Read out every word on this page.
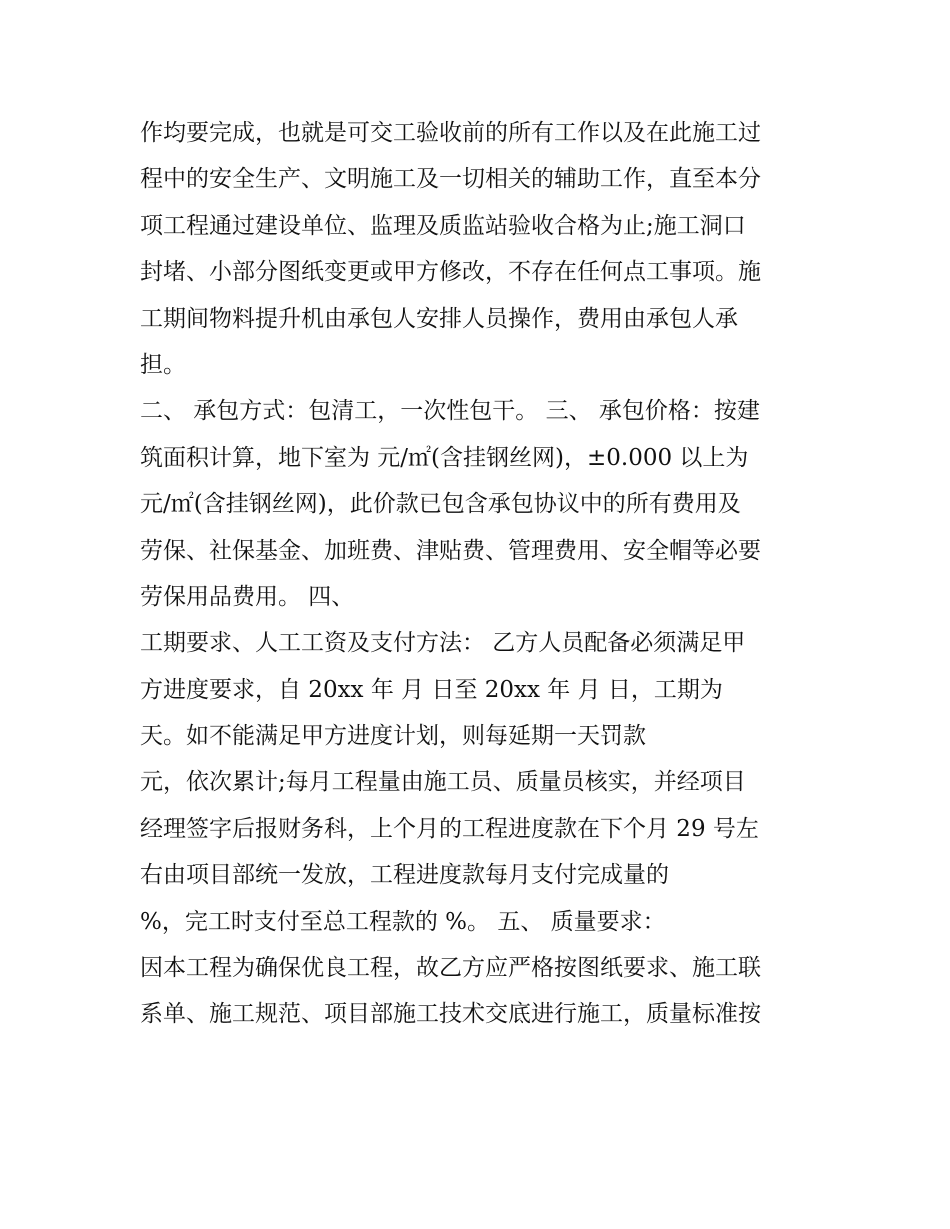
作均要完成，也就是可交工验收前的所有工作以及在此施工过
程中的安全生产、文明施工及一切相关的辅助工作，直至本分
项工程通过建设单位、监理及质监站验收合格为止;施工洞口
封堵、小部分图纸变更或甲方修改，不存在任何点工事项。施
工期间物料提升机由承包人安排人员操作，费用由承包人承
担。
二、 承包方式：包清工，一次性包干。 三、 承包价格：按建
筑面积计算，地下室为 元/㎡(含挂钢丝网)，±0.000 以上为
元/㎡(含挂钢丝网)，此价款已包含承包协议中的所有费用及
劳保、社保基金、加班费、津贴费、管理费用、安全帽等必要
劳保用品费用。 四、
工期要求、人工工资及支付方法： 乙方人员配备必须满足甲
方进度要求，自 20xx 年 月 日至 20xx 年 月 日，工期为
天。如不能满足甲方进度计划，则每延期一天罚款
元，依次累计;每月工程量由施工员、质量员核实，并经项目
经理签字后报财务科，上个月的工程进度款在下个月 29 号左
右由项目部统一发放，工程进度款每月支付完成量的
%，完工时支付至总工程款的 %。 五、 质量要求：
因本工程为确保优良工程，故乙方应严格按图纸要求、施工联
系单、施工规范、项目部施工技术交底进行施工，质量标准按
